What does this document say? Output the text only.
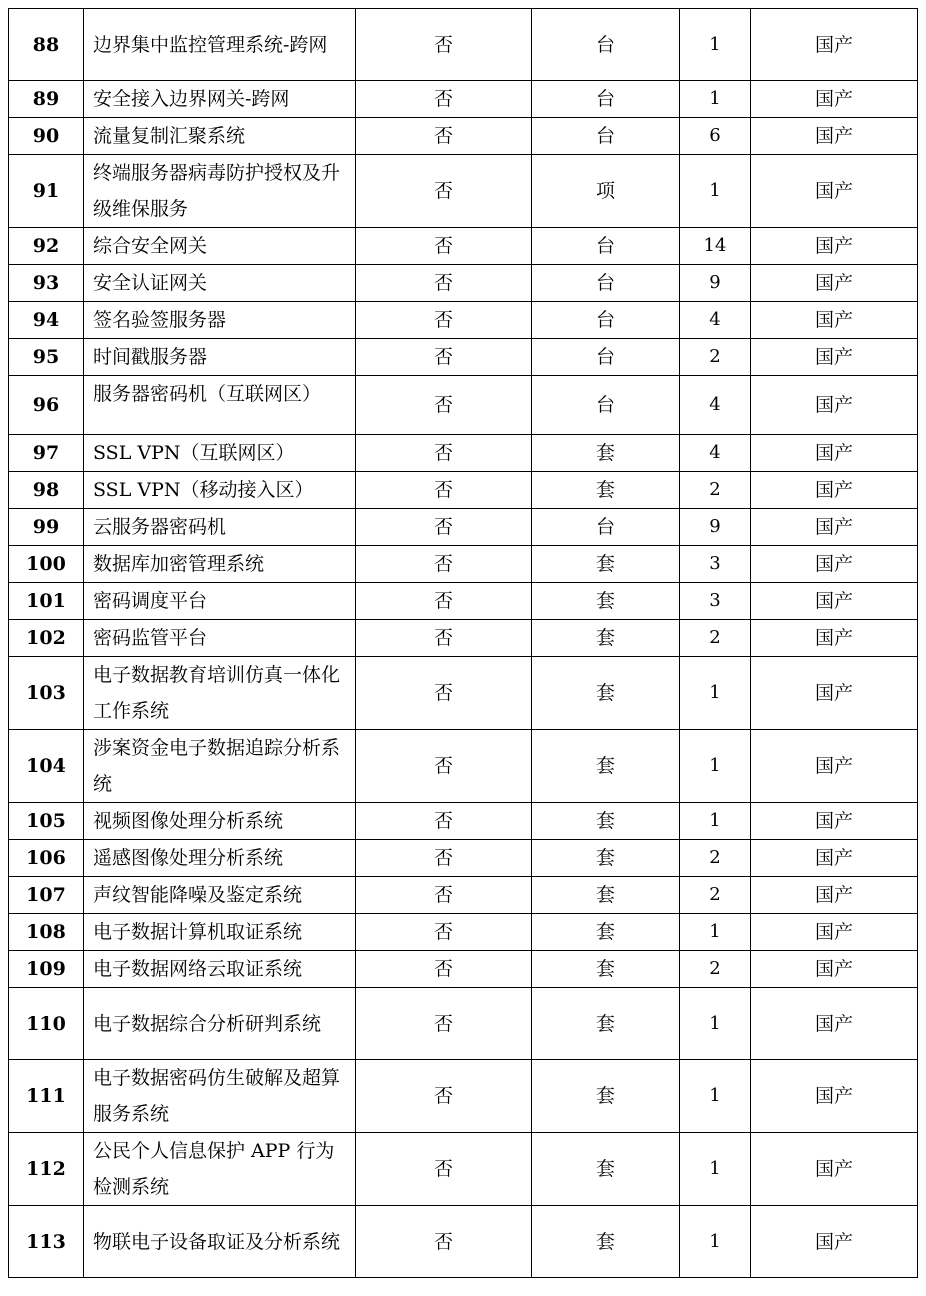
88	边界集中监控管理系统-跨网	否	台	1	国产
89	安全接入边界网关-跨网	否	台	1	国产
90	流量复制汇聚系统	否	台	6	国产
91	终端服务器病毒防护授权及升级维保服务	否	项	1	国产
92	综合安全网关	否	台	14	国产
93	安全认证网关	否	台	9	国产
94	签名验签服务器	否	台	4	国产
95	时间戳服务器	否	台	2	国产
96	服务器密码机（互联网区）	否	台	4	国产
97	SSL VPN（互联网区）	否	套	4	国产
98	SSL VPN（移动接入区）	否	套	2	国产
99	云服务器密码机	否	台	9	国产
100	数据库加密管理系统	否	套	3	国产
101	密码调度平台	否	套	3	国产
102	密码监管平台	否	套	2	国产
103	电子数据教育培训仿真一体化工作系统	否	套	1	国产
104	涉案资金电子数据追踪分析系统	否	套	1	国产
105	视频图像处理分析系统	否	套	1	国产
106	遥感图像处理分析系统	否	套	2	国产
107	声纹智能降噪及鉴定系统	否	套	2	国产
108	电子数据计算机取证系统	否	套	1	国产
109	电子数据网络云取证系统	否	套	2	国产
110	电子数据综合分析研判系统	否	套	1	国产
111	电子数据密码仿生破解及超算服务系统	否	套	1	国产
112	公民个人信息保护 APP 行为检测系统	否	套	1	国产
113	物联电子设备取证及分析系统	否	套	1	国产
